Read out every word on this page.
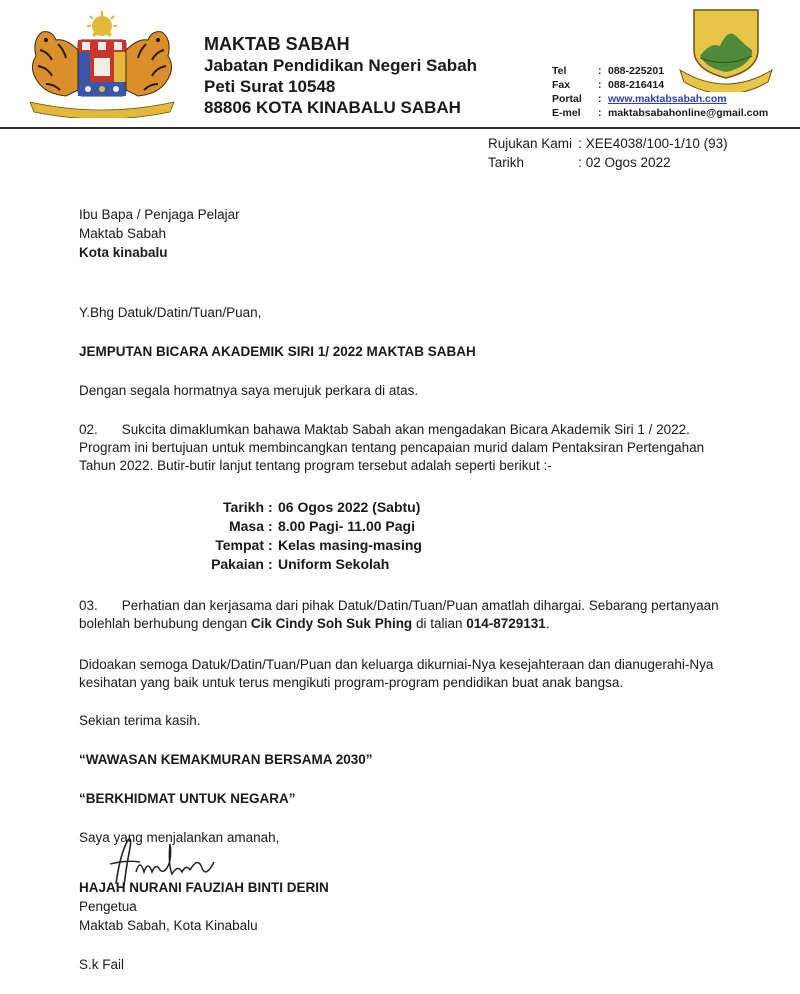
MAKTAB SABAH
Jabatan Pendidikan Negeri Sabah
Peti Surat 10548
88806 KOTA KINABALU SABAH
Tel	: 088-225201
Fax	: 088-216414
Portal	: www.maktabsabah.com
E-mel	: maktabsabahonline@gmail.com
Rujukan Kami : XEE4038/100-1/10 (93)
Tarikh	: 02 Ogos 2022
Ibu Bapa / Penjaga Pelajar
Maktab Sabah
Kota kinabalu
Y.Bhg Datuk/Datin/Tuan/Puan,
JEMPUTAN BICARA AKADEMIK SIRI 1/ 2022 MAKTAB SABAH
Dengan segala hormatnya saya merujuk perkara di atas.
02. Sukcita dimaklumkan bahawa Maktab Sabah akan mengadakan Bicara Akademik Siri 1 / 2022.
Program ini bertujuan untuk membincangkan tentang pencapaian murid dalam Pentaksiran Pertengahan
Tahun 2022. Butir-butir lanjut tentang program tersebut adalah seperti berikut :-
Tarikh : 06 Ogos 2022 (Sabtu)
Masa : 8.00 Pagi- 11.00 Pagi
Tempat : Kelas masing-masing
Pakaian : Uniform Sekolah
03. Perhatian dan kerjasama dari pihak Datuk/Datin/Tuan/Puan amatlah dihargai. Sebarang pertanyaan
bolehlah berhubung dengan Cik Cindy Soh Suk Phing di talian 014-8729131.
Didoakan semoga Datuk/Datin/Tuan/Puan dan keluarga dikurniai-Nya kesejahteraan dan dianugerahi-Nya
kesihatan yang baik untuk terus mengikuti program-program pendidikan buat anak bangsa.
Sekian terima kasih.
“WAWASAN KEMAKMURAN BERSAMA 2030”
“BERKHIDMAT UNTUK NEGARA”
Saya yang menjalankan amanah,
HAJAH NURANI FAUZIAH BINTI DERIN
Pengetua
Maktab Sabah, Kota Kinabalu
S.k Fail
